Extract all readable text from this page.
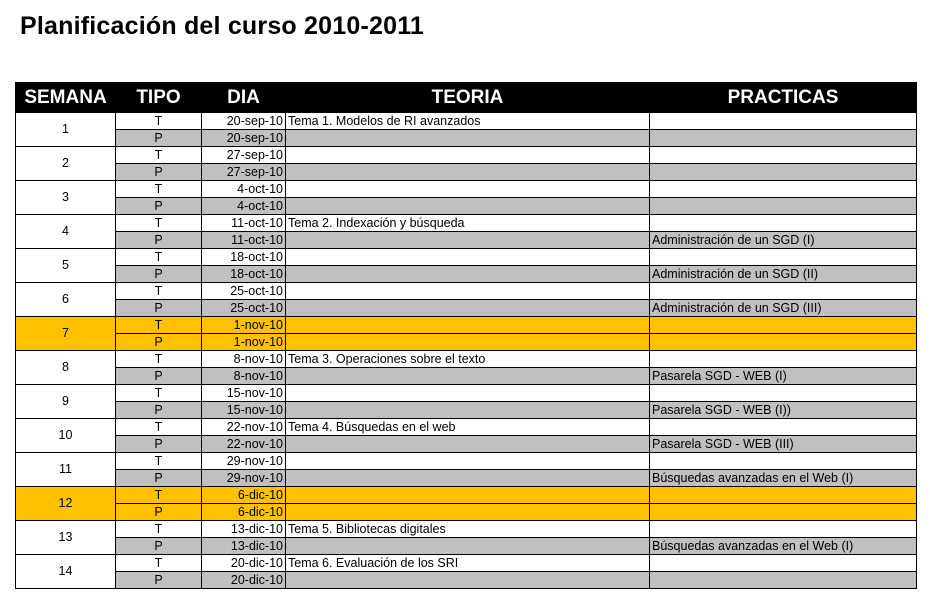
Planificación del curso 2010-2011
SEMANA	TIPO	DIA	TEORIA	PRACTICAS
1	T	20-sep-10	Tema 1. Modelos de RI avanzados	
	P	20-sep-10		
2	T	27-sep-10		
	P	27-sep-10		
3	T	4-oct-10		
	P	4-oct-10		
4	T	11-oct-10	Tema 2. Indexación y búsqueda	
	P	11-oct-10		Administración de un SGD (I)
5	T	18-oct-10		
	P	18-oct-10		Administración de un SGD (II)
6	T	25-oct-10		
	P	25-oct-10		Administración de un SGD (III)
7	T	1-nov-10		
	P	1-nov-10		
8	T	8-nov-10	Tema 3. Operaciones sobre el texto	
	P	8-nov-10		Pasarela SGD - WEB (I)
9	T	15-nov-10		
	P	15-nov-10		Pasarela SGD - WEB (I))
10	T	22-nov-10	Tema 4. Búsquedas en el web	
	P	22-nov-10		Pasarela SGD - WEB (III)
11	T	29-nov-10		
	P	29-nov-10		Búsquedas avanzadas en el Web (I)
12	T	6-dic-10		
	P	6-dic-10		
13	T	13-dic-10	Tema 5. Bibliotecas digitales	
	P	13-dic-10		Búsquedas avanzadas en el Web (I)
14	T	20-dic-10	Tema 6. Evaluación de los SRI	
	P	20-dic-10		
